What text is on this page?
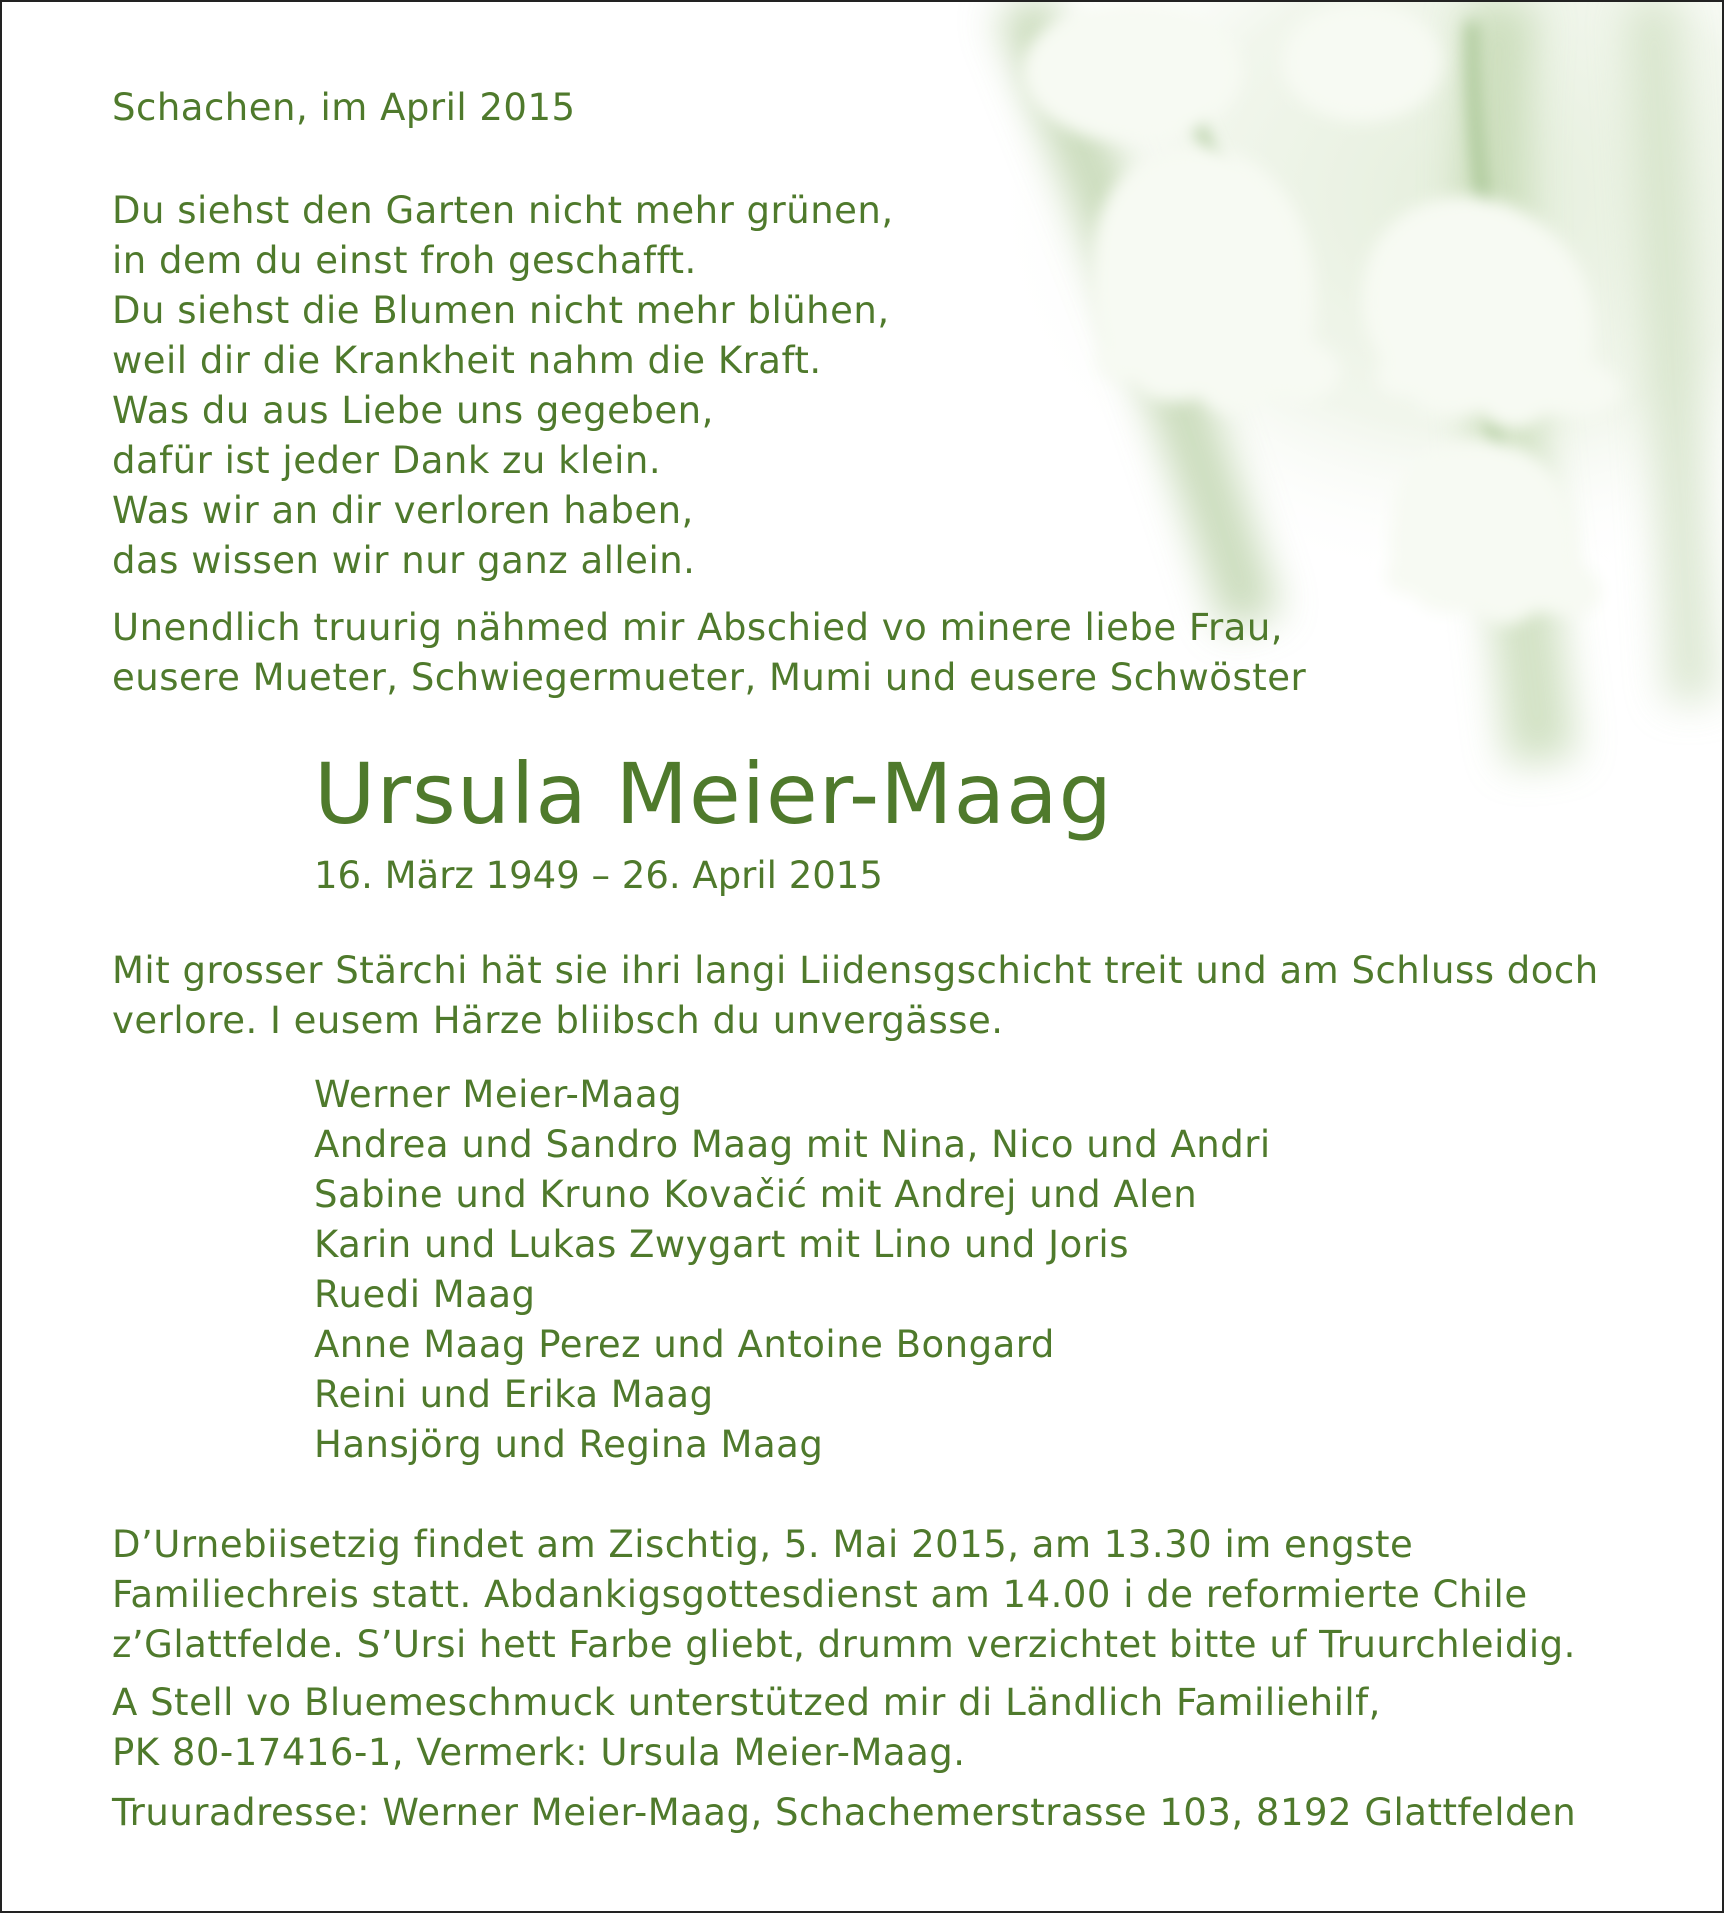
Schachen, im April 2015
Du siehst den Garten nicht mehr grünen,
in dem du einst froh geschafft.
Du siehst die Blumen nicht mehr blühen,
weil dir die Krankheit nahm die Kraft.
Was du aus Liebe uns gegeben,
dafür ist jeder Dank zu klein.
Was wir an dir verloren haben,
das wissen wir nur ganz allein.
Unendlich truurig nähmed mir Abschied vo minere liebe Frau,
eusere Mueter, Schwiegermueter, Mumi und eusere Schwöster
Ursula Meier-Maag
16. März 1949 – 26. April 2015
Mit grosser Stärchi hät sie ihri langi Liidensgschicht treit und am Schluss doch
verlore. I eusem Härze bliibsch du unvergässe.
Werner Meier-Maag
Andrea und Sandro Maag mit Nina, Nico und Andri
Sabine und Kruno Kovačić mit Andrej und Alen
Karin und Lukas Zwygart mit Lino und Joris
Ruedi Maag
Anne Maag Perez und Antoine Bongard
Reini und Erika Maag
Hansjörg und Regina Maag
D’Urnebiisetzig findet am Zischtig, 5. Mai 2015, am 13.30 im engste
Familiechreis statt. Abdankigsgottesdienst am 14.00 i de reformierte Chile
z’Glattfelde. S’Ursi hett Farbe gliebt, drumm verzichtet bitte uf Truurchleidig.
A Stell vo Bluemeschmuck unterstützed mir di Ländlich Familiehilf,
PK 80-17416-1, Vermerk: Ursula Meier-Maag.
Truuradresse: Werner Meier-Maag, Schachemerstrasse 103, 8192 Glattfelden
